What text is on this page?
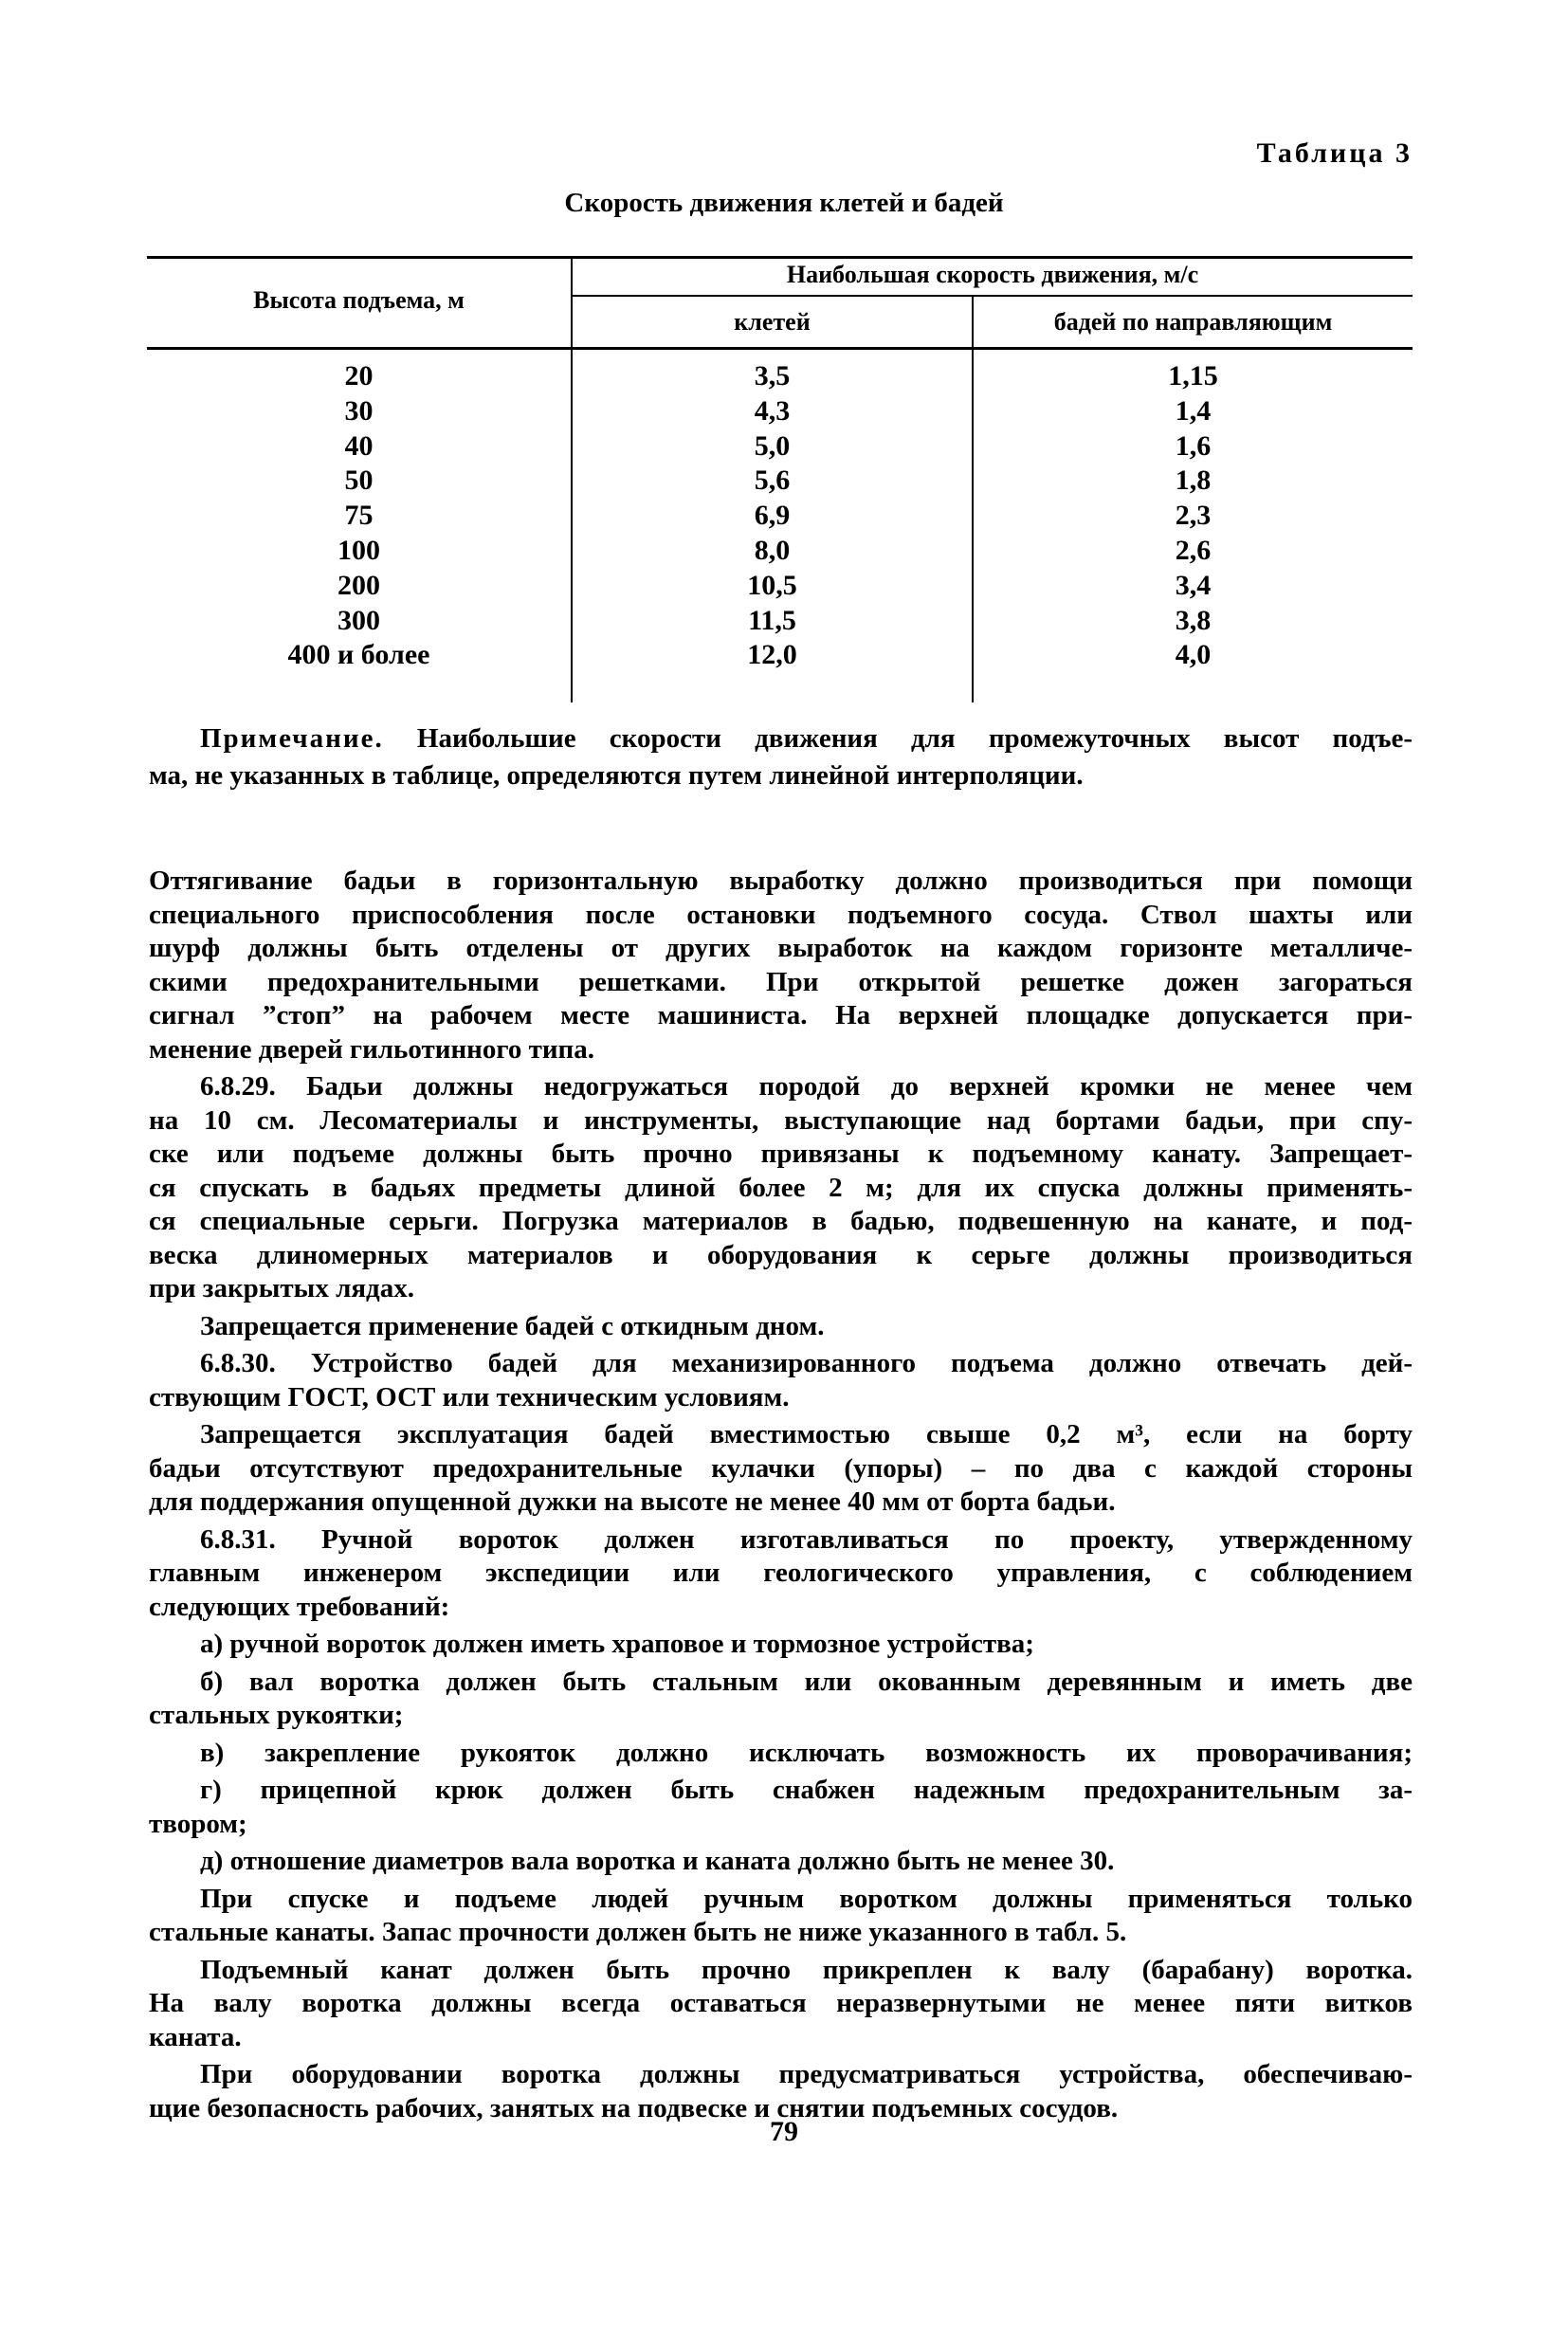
Таблица 3
Скорость движения клетей и бадей
Высота подъема, м
Наибольшая скорость движения, м/с
клетей	бадей по направляющим
20	3,5	1,15
30	4,3	1,4
40	5,0	1,6
50	5,6	1,8
75	6,9	2,3
100	8,0	2,6
200	10,5	3,4
300	11,5	3,8
400 и более	12,0	4,0
Примечание. Наибольшие скорости движения для промежуточных высот подъе-
ма, не указанных в таблице, определяются путем линейной интерполяции.
Оттягивание бадьи в горизонтальную выработку должно производиться при помощи
специального приспособления после остановки подъемного сосуда. Ствол шахты или
шурф должны быть отделены от других выработок на каждом горизонте металличе-
скими предохранительными решетками. При открытой решетке дожен загораться
сигнал ”стоп” на рабочем месте машиниста. На верхней площадке допускается при-
менение дверей гильотинного типа.
6.8.29. Бадьи должны недогружаться породой до верхней кромки не менее чем
на 10 см. Лесоматериалы и инструменты, выступающие над бортами бадьи, при спу-
ске или подъеме должны быть прочно привязаны к подъемному канату. Запрещает-
ся спускать в бадьях предметы длиной более 2 м; для их спуска должны применять-
ся специальные серьги. Погрузка материалов в бадью, подвешенную на канате, и под-
веска длиномерных материалов и оборудования к серьге должны производиться
при закрытых лядах.
Запрещается применение бадей с откидным дном.
6.8.30. Устройство бадей для механизированного подъема должно отвечать дей-
ствующим ГОСТ, ОСТ или техническим условиям.
Запрещается эксплуатация бадей вместимостью свыше 0,2 м³, если на борту
бадьи отсутствуют предохранительные кулачки (упоры) – по два с каждой стороны
для поддержания опущенной дужки на высоте не менее 40 мм от борта бадьи.
6.8.31. Ручной вороток должен изготавливаться по проекту, утвержденному
главным инженером экспедиции или геологического управления, с соблюдением
следующих требований:
а) ручной вороток должен иметь храповое и тормозное устройства;
б) вал воротка должен быть стальным или окованным деревянным и иметь две
стальных рукоятки;
в) закрепление рукояток должно исключать возможность их проворачивания;
г) прицепной крюк должен быть снабжен надежным предохранительным за-
твором;
д) отношение диаметров вала воротка и каната должно быть не менее 30.
При спуске и подъеме людей ручным воротком должны применяться только
стальные канаты. Запас прочности должен быть не ниже указанного в табл. 5.
Подъемный канат должен быть прочно прикреплен к валу (барабану) воротка.
На валу воротка должны всегда оставаться неразвернутыми не менее пяти витков
каната.
При оборудовании воротка должны предусматриваться устройства, обеспечиваю-
щие безопасность рабочих, занятых на подвеске и снятии подъемных сосудов.
79
